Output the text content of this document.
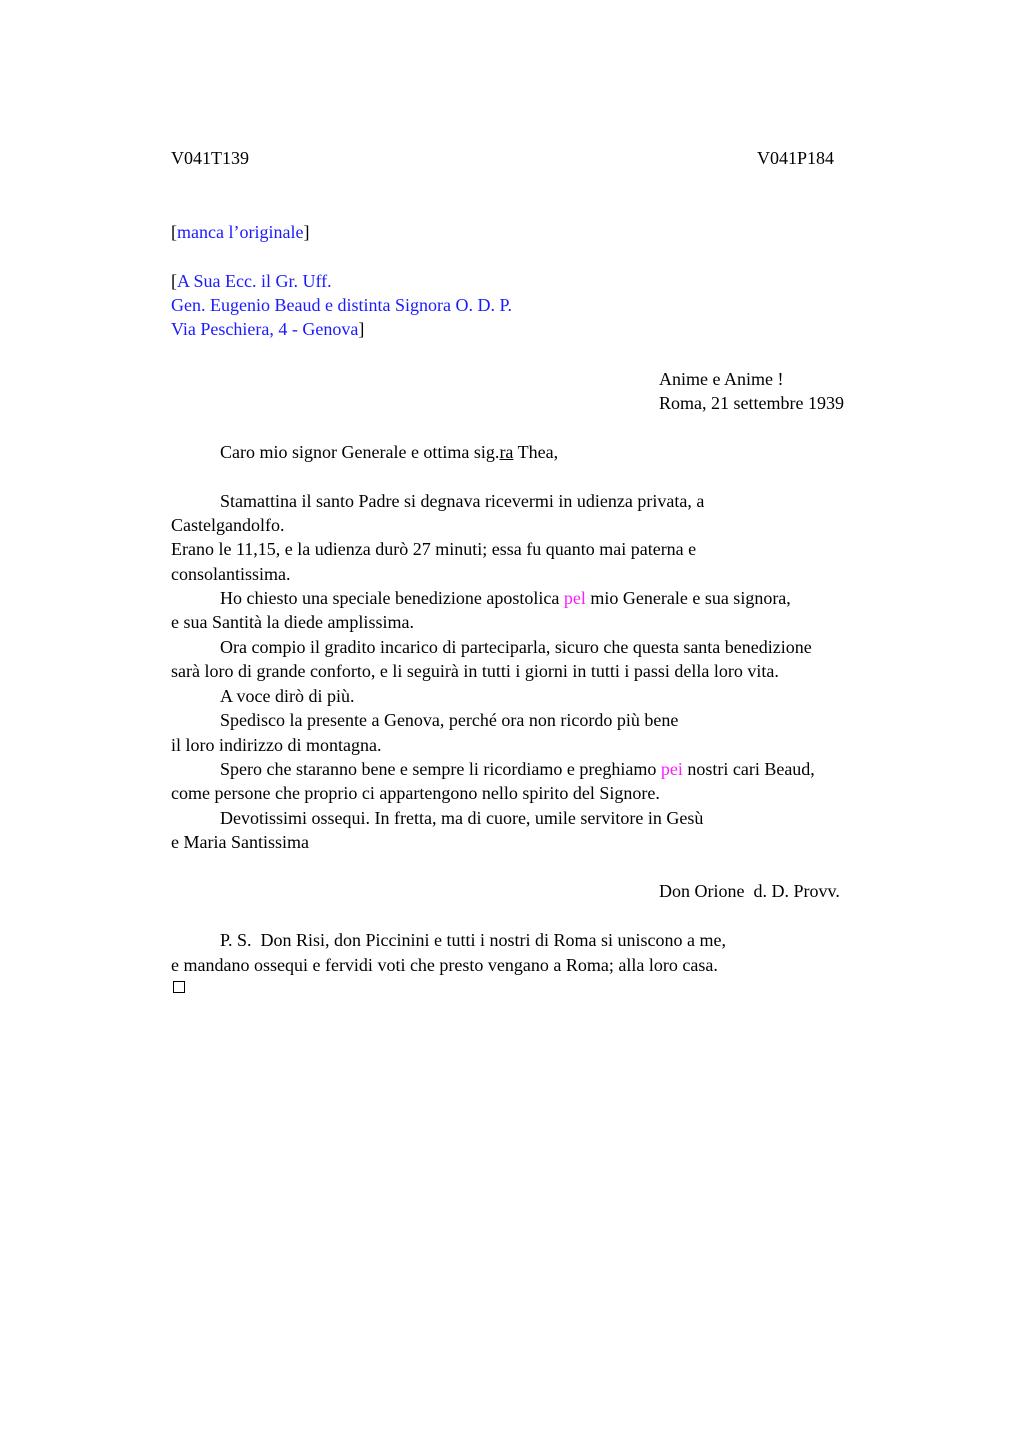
V041T139	V041P184
[manca l’originale]
[A Sua Ecc. il Gr. Uff.
Gen. Eugenio Beaud e distinta Signora O. D. P.
Via Peschiera, 4 - Genova]
Anime e Anime !
Roma, 21 settembre 1939
Caro mio signor Generale e ottima sig.ra Thea,
Stamattina il santo Padre si degnava ricevermi in udienza privata, a
Castelgandolfo.
Erano le 11,15, e la udienza durò 27 minuti; essa fu quanto mai paterna e
consolantissima.
Ho chiesto una speciale benedizione apostolica pel mio Generale e sua signora,
e sua Santità la diede amplissima.
Ora compio il gradito incarico di parteciparla, sicuro che questa santa benedizione
sarà loro di grande conforto, e li seguirà in tutti i giorni in tutti i passi della loro vita.
A voce dirò di più.
Spedisco la presente a Genova, perché ora non ricordo più bene
il loro indirizzo di montagna.
Spero che staranno bene e sempre li ricordiamo e preghiamo pei nostri cari Beaud,
come persone che proprio ci appartengono nello spirito del Signore.
Devotissimi ossequi. In fretta, ma di cuore, umile servitore in Gesù
e Maria Santissima
Don Orione  d. D. Provv.
P. S.  Don Risi, don Piccinini e tutti i nostri di Roma si uniscono a me,
e mandano ossequi e fervidi voti che presto vengano a Roma; alla loro casa.
